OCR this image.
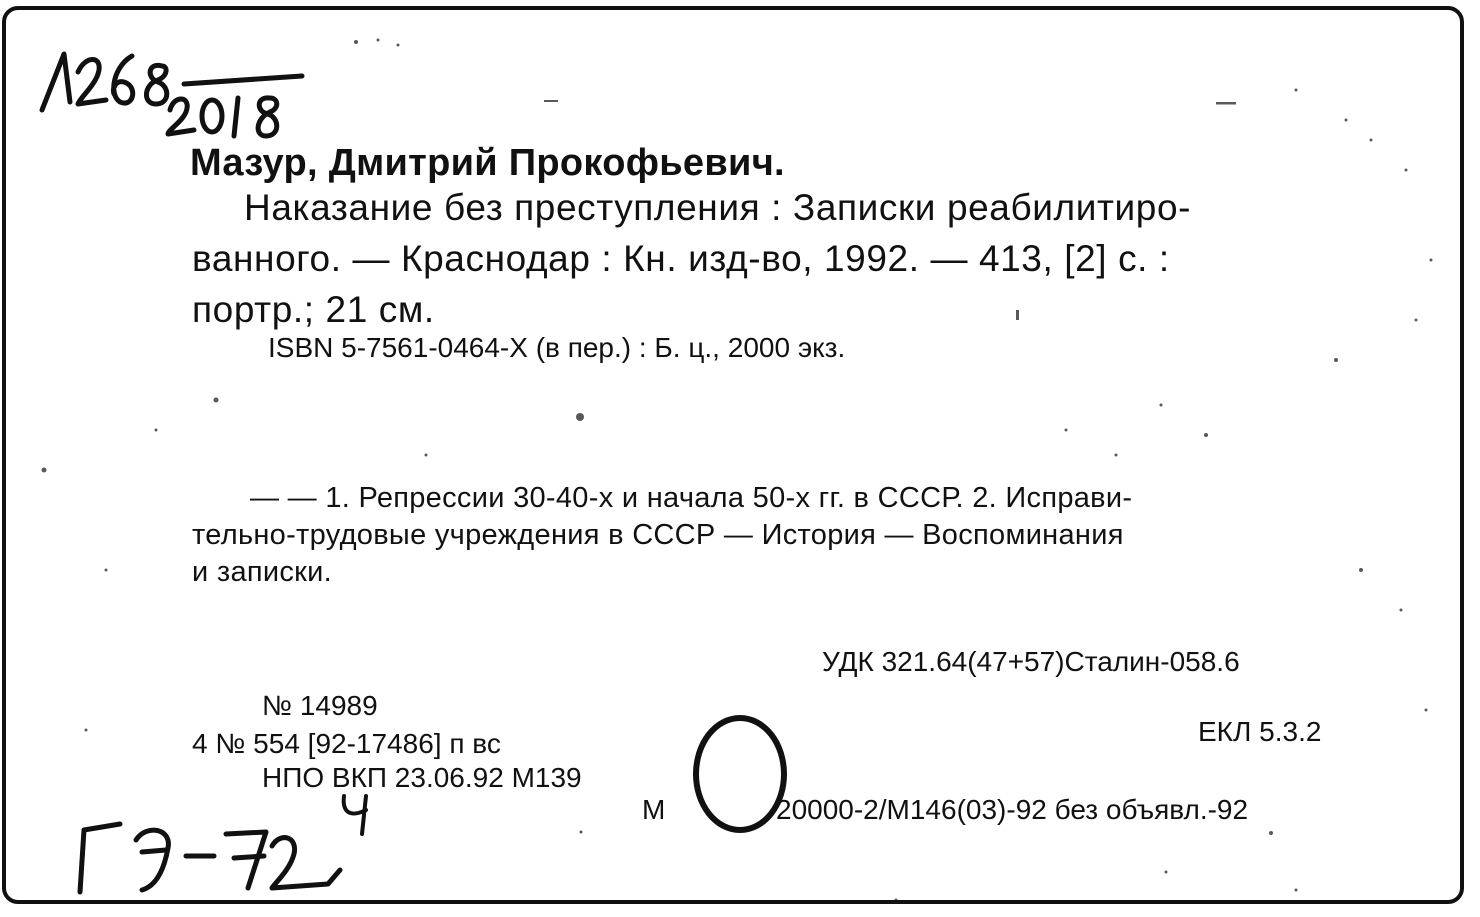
Мазур, Дмитрий Прокофьевич.
Наказание без преступления : Записки реабилитиро-
ванного. — Краснодар : Кн. изд-во, 1992. — 413, [2] с. :
портр.; 21 см.
ISBN 5-7561-0464-X (в пер.) : Б. ц., 2000 экз.
— — 1. Репрессии 30-40-х и начала 50-х гг. в СССР. 2. Исправи-
тельно-трудовые учреждения в СССР — История — Воспоминания
и записки.
УДК 321.64(47+57)Сталин-058.6
№ 14989
4 № 554 [92-17486] п вс	ЕКЛ 5.3.2
НПО ВКП 23.06.92 М139
М	20000-2/М146(03)-92 без объявл.-92
